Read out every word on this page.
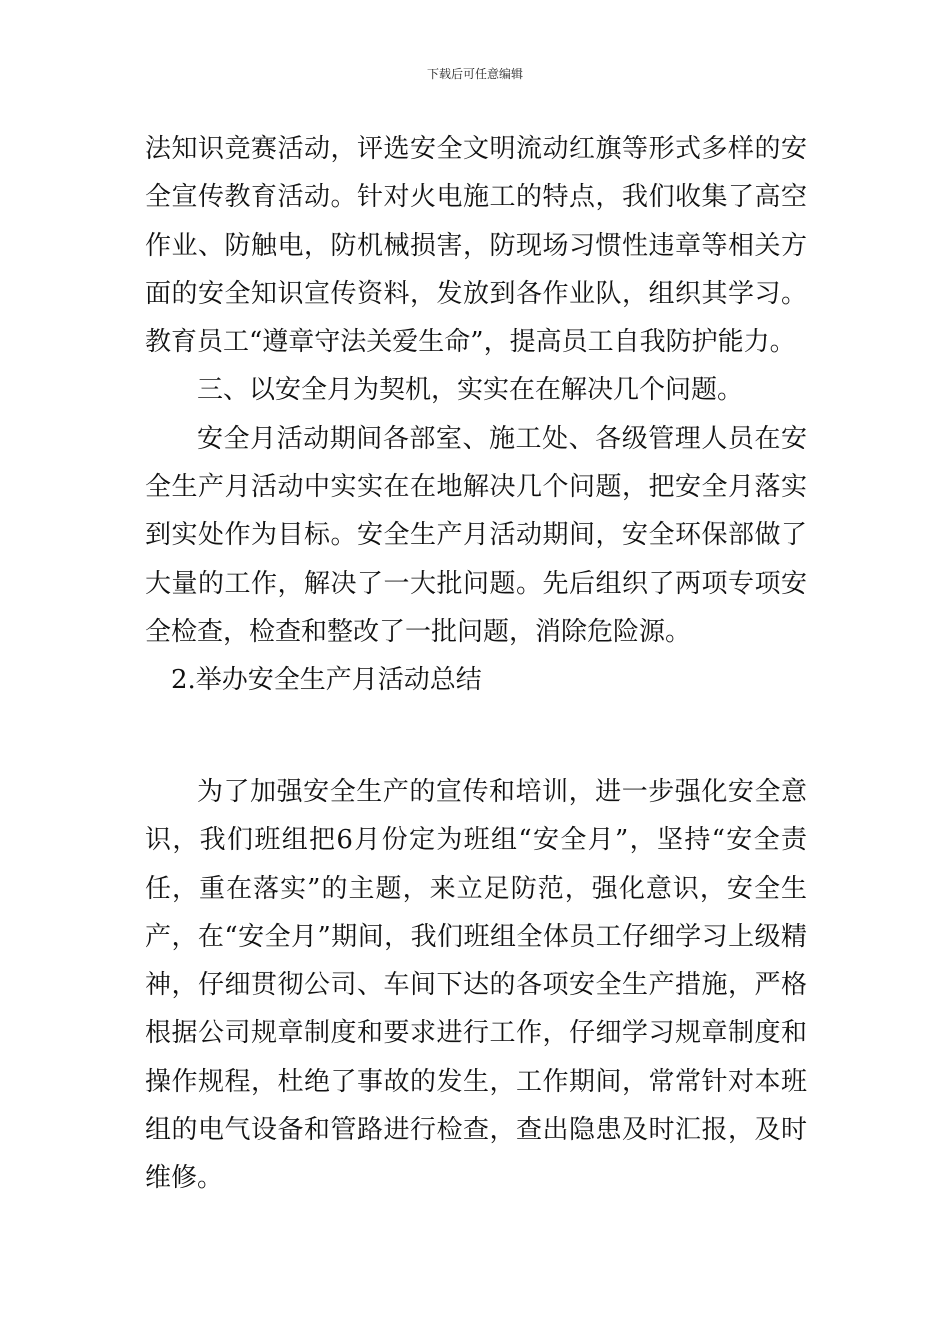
下载后可任意编辑

法知识竞赛活动，评选安全文明流动红旗等形式多样的安全宣传教育活动。针对火电施工的特点，我们收集了高空作业、防触电，防机械损害，防现场习惯性违章等相关方面的安全知识宣传资料，发放到各作业队，组织其学习。教育员工“遵章守法关爱生命”，提高员工自我防护能力。

三、以安全月为契机，实实在在解决几个问题。

安全月活动期间各部室、施工处、各级管理人员在安全生产月活动中实实在在地解决几个问题，把安全月落实到实处作为目标。安全生产月活动期间，安全环保部做了大量的工作，解决了一大批问题。先后组织了两项专项安全检查，检查和整改了一批问题，消除危险源。

2.举办安全生产月活动总结

为了加强安全生产的宣传和培训，进一步强化安全意识，我们班组把6月份定为班组“安全月”，坚持“安全责任，重在落实”的主题，来立足防范，强化意识，安全生产，在“安全月”期间，我们班组全体员工仔细学习上级精神，仔细贯彻公司、车间下达的各项安全生产措施，严格根据公司规章制度和要求进行工作，仔细学习规章制度和操作规程，杜绝了事故的发生，工作期间，常常针对本班组的电气设备和管路进行检查，查出隐患及时汇报，及时维修。
